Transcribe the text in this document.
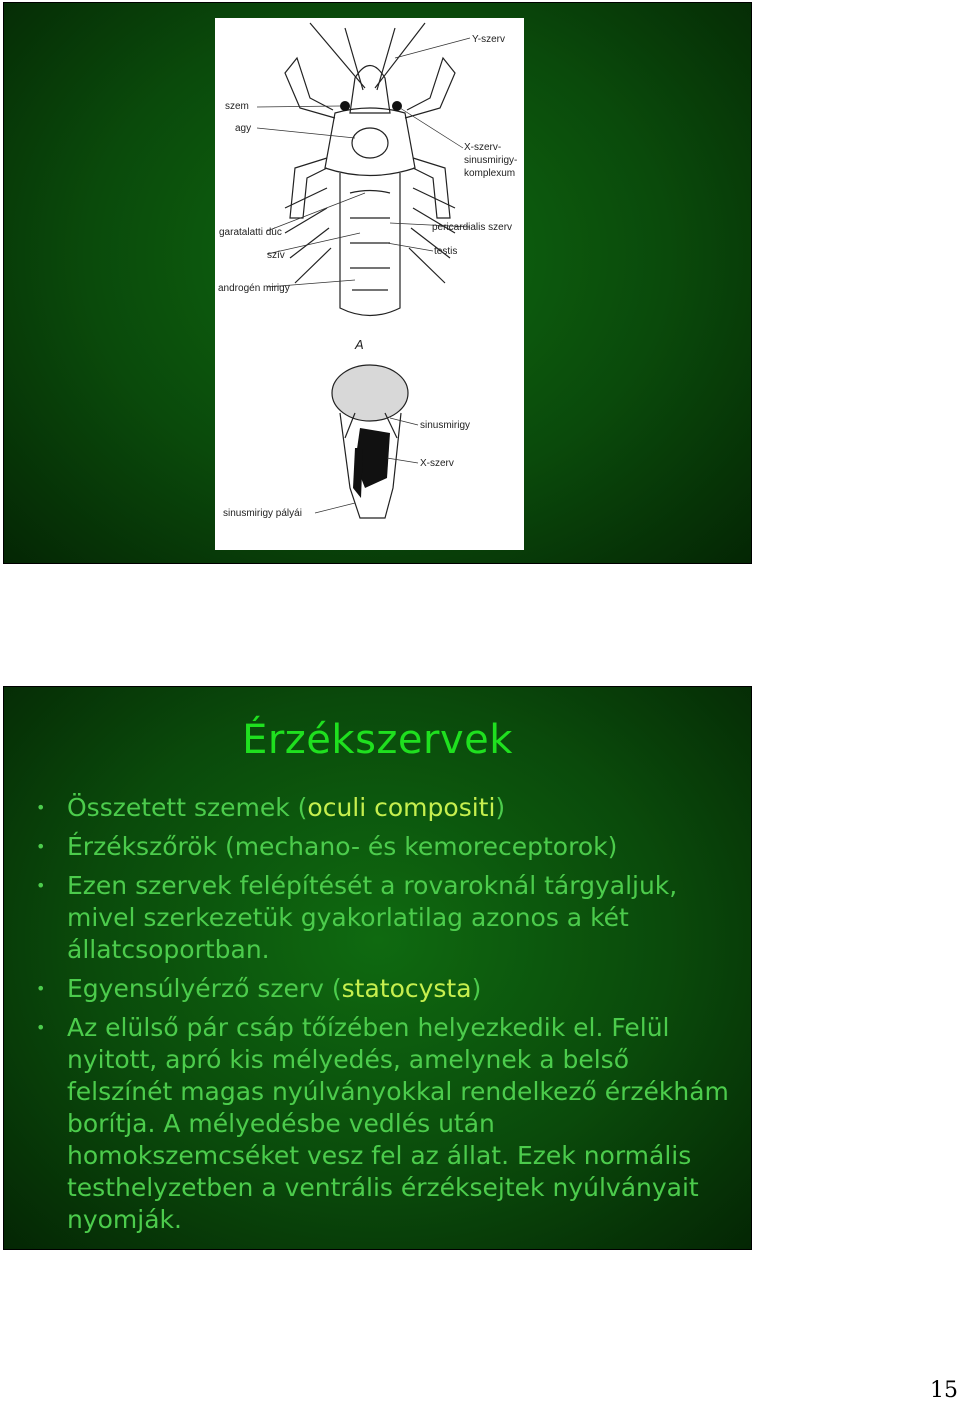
Y-szerv
szem
agy
X-szerv-
sinusmirigy-
komplexum
garatalatti dúc	pericardialis szerv
szív	testis
androgén mirigy
A
sinusmirigy
X-szerv
sinusmirigy pályái
Érzékszervek
• Összetett szemek (oculi compositi)
• Érzékszőrök (mechano- és kemoreceptorok)
• Ezen szervek felépítését a rovaroknál tárgyaljuk, mivel szerkezetük gyakorlatilag azonos a két állatcsoportban.
• Egyensúlyérző szerv (statocysta)
• Az elülső pár csáp tőízében helyezkedik el. Felül nyitott, apró kis mélyedés, amelynek a belső felszínét magas nyúlványokkal rendelkező érzékhám borítja. A mélyedésbe vedlés után homokszemcséket vesz fel az állat. Ezek normális testhelyzetben a ventrális érzéksejtek nyúlványait nyomják.
15
